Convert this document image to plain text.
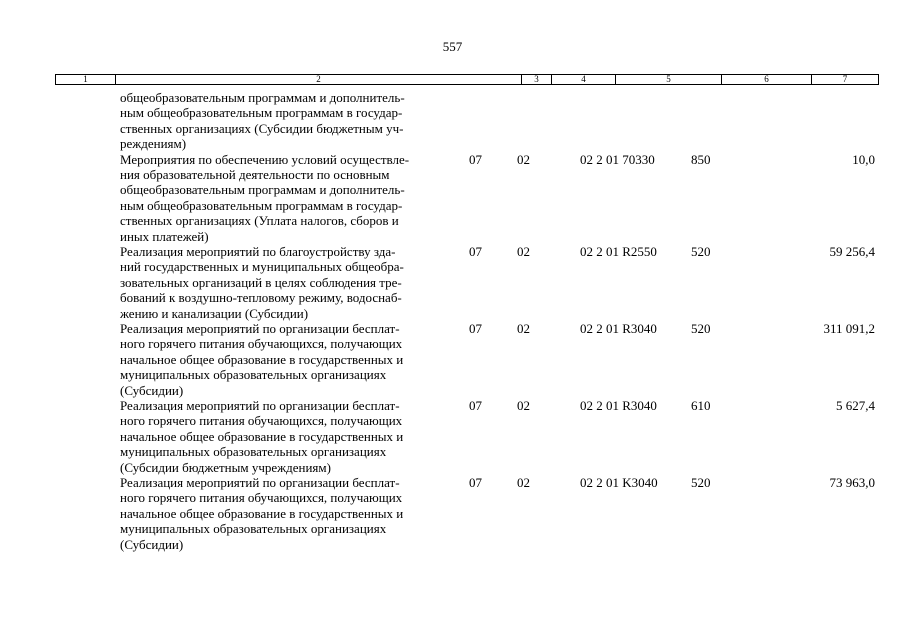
557
1	2	3	4	5	6	7
общеобразовательным программам и дополнитель-
ным общеобразовательным программам в государ-
ственных организациях (Субсидии бюджетным уч-
реждениям)
Мероприятия по обеспечению условий осуществле-
ния образовательной деятельности по основным
общеобразовательным программам и дополнитель-
ным общеобразовательным программам в государ-
ственных организациях (Уплата налогов, сборов и
иных платежей)
07	02	02 2 01 70330	850	10,0
Реализация мероприятий по благоустройству зда-
ний государственных и муниципальных общеобра-
зовательных организаций в целях соблюдения тре-
бований к воздушно-тепловому режиму, водоснаб-
жению и канализации (Субсидии)
07	02	02 2 01 R2550	520	59 256,4
Реализация мероприятий по организации бесплат-
ного горячего питания обучающихся, получающих
начальное общее образование в государственных и
муниципальных образовательных организациях
(Субсидии)
07	02	02 2 01 R3040	520	311 091,2
Реализация мероприятий по организации бесплат-
ного горячего питания обучающихся, получающих
начальное общее образование в государственных и
муниципальных образовательных организациях
(Субсидии бюджетным учреждениям)
07	02	02 2 01 R3040	610	5 627,4
Реализация мероприятий по организации бесплат-
ного горячего питания обучающихся, получающих
начальное общее образование в государственных и
муниципальных образовательных организациях
(Субсидии)
07	02	02 2 01 K3040	520	73 963,0
